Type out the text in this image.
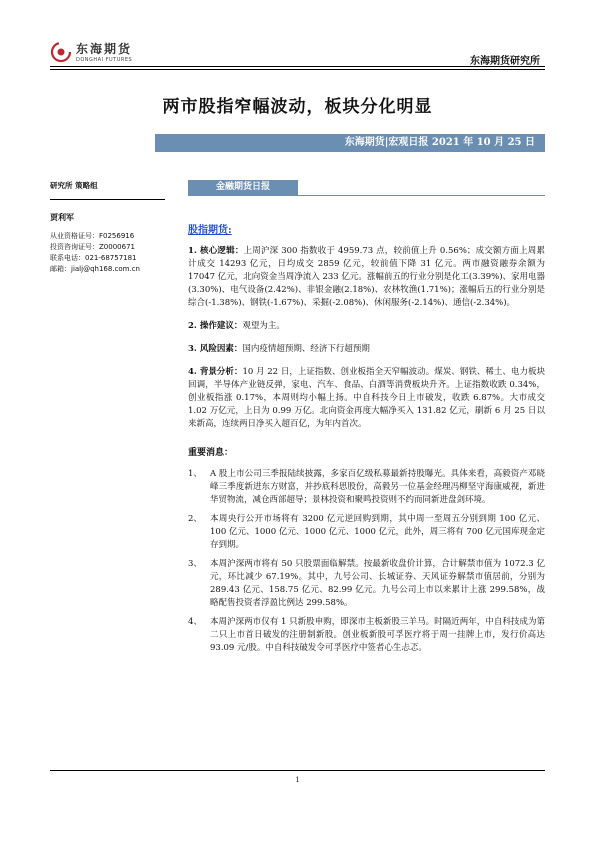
东海期货
DONGHAI FUTURES	东海期货研究所
两市股指窄幅波动，板块分化明显
东海期货|宏观日报 2021 年 10 月 25 日
研究所 策略组
贾利军
从业资格证号：F0256916
投资咨询证号：Z0000671
联系电话：021-68757181
邮箱：jialj@qh168.com.cn
金融期货日报
股指期货:

1. 核心逻辑：上周沪深 300 指数收于 4959.73 点，较前值上升 0.56%；成交额方面上周累计成交 14293 亿元，日均成交 2859 亿元，较前值下降 31 亿元。两市融资融券余额为 17047 亿元，北向资金当周净流入 233 亿元。涨幅前五的行业分别是化工(3.39%)、家用电器(3.30%)、电气设备(2.42%)、非银金融(2.18%)、农林牧渔(1.71%)；涨幅后五的行业分别是综合(-1.38%)、钢铁(-1.67%)、采掘(-2.08%)、休闲服务(-2.14%)、通信(-2.34%)。

2. 操作建议：观望为主。

3. 风险因素：国内疫情超预期、经济下行超预期

4. 背景分析：10 月 22 日，上证指数、创业板指全天窄幅波动。煤炭、钢铁、稀土、电力板块回调，半导体产业链反弹，家电、汽车、食品、白酒等消费板块升齐。上证指数收跌 0.34%，创业板指涨 0.17%，本周则均小幅上扬。中自科技今日上市破发，收跌 6.87%。大市成交 1.02 万亿元，上日为 0.99 万亿。北向资金再度大幅净买入 131.82 亿元，刷新 6 月 25 日以来新高，连续两日净买入超百亿，为年内首次。

重要消息：
1、 A 股上市公司三季报陆续披露，多家百亿级私募最新持股曝光。具体来看，高毅资产邓晓峰三季度新进东方财富，并抄底科思股份，高毅另一位基金经理冯柳坚守海康威视，新进华贸物流，减仓西部超导；景林投资和聚鸣投资则不约而同新进盘剑环境。
2、 本周央行公开市场将有 3200 亿元逆回购到期，其中周一至周五分别到期 100 亿元、100 亿元、1000 亿元、1000 亿元、1000 亿元，此外，周三将有 700 亿元国库现金定存到期。
3、 本周沪深两市将有 50 只股票面临解禁。按最新收盘价计算，合计解禁市值为 1072.3 亿元，环比减少 67.19%。其中，九号公司、长城证券、天风证券解禁市值居前，分别为 289.43 亿元、158.75 亿元、82.99 亿元。九号公司上市以来累计上涨 299.58%，战略配售投资者浮盈比例达 299.58%。
4、 本周沪深两市仅有 1 只新股申购，即深市主板新股三羊马。时隔近两年，中自科技成为第二只上市首日破发的注册制新股。创业板新股可孚医疗将于周一挂牌上市，发行价高达 93.09 元/股。中自科技破发令可孚医疗中签者心生忐忑。
1
